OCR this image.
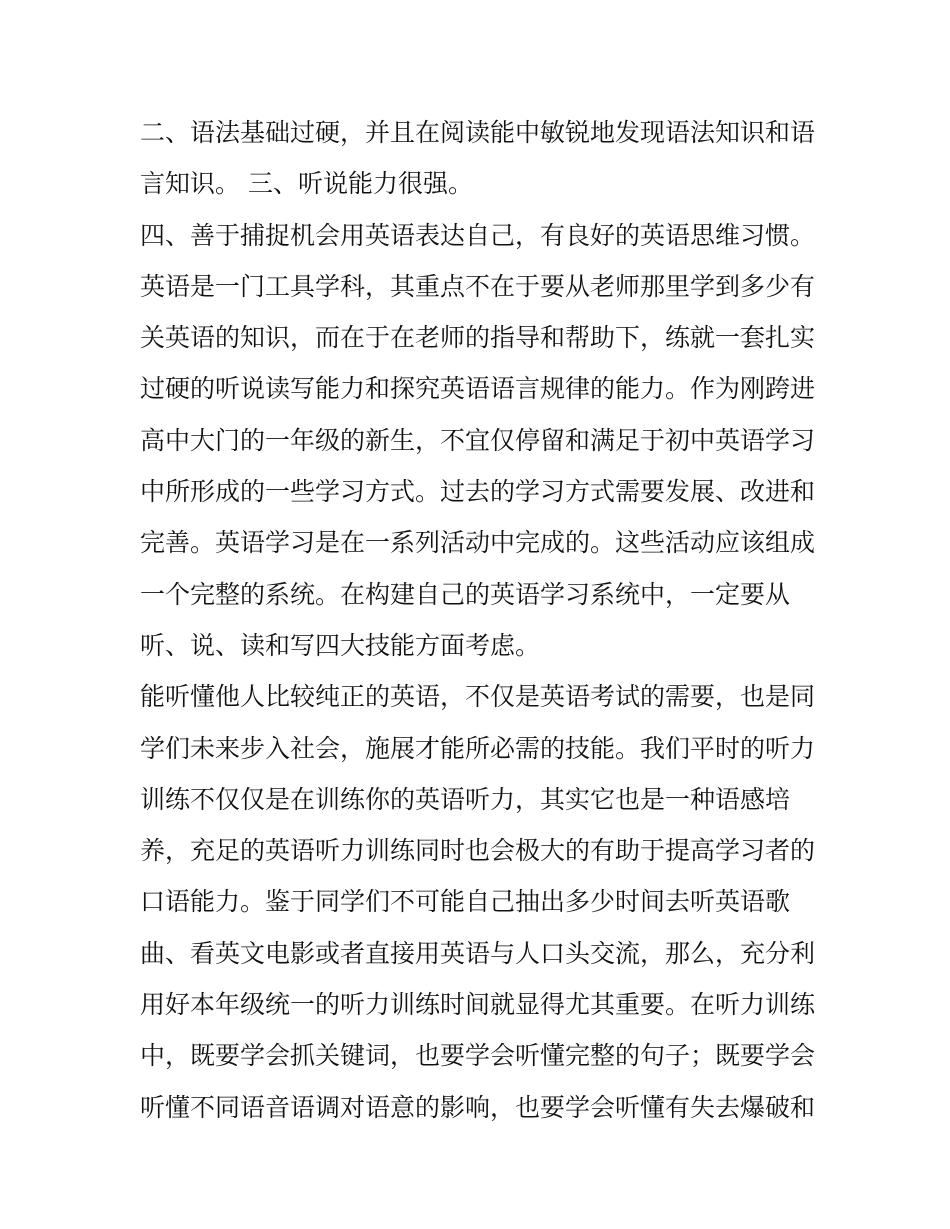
二、语法基础过硬，并且在阅读能中敏锐地发现语法知识和语
言知识。 三、听说能力很强。
四、善于捕捉机会用英语表达自己，有良好的英语思维习惯。
英语是一门工具学科，其重点不在于要从老师那里学到多少有
关英语的知识，而在于在老师的指导和帮助下，练就一套扎实
过硬的听说读写能力和探究英语语言规律的能力。作为刚跨进
高中大门的一年级的新生，不宜仅停留和满足于初中英语学习
中所形成的一些学习方式。过去的学习方式需要发展、改进和
完善。英语学习是在一系列活动中完成的。这些活动应该组成
一个完整的系统。在构建自己的英语学习系统中，一定要从
听、说、读和写四大技能方面考虑。
能听懂他人比较纯正的英语，不仅是英语考试的需要，也是同
学们未来步入社会，施展才能所必需的技能。我们平时的听力
训练不仅仅是在训练你的英语听力，其实它也是一种语感培
养，充足的英语听力训练同时也会极大的有助于提高学习者的
口语能力。鉴于同学们不可能自己抽出多少时间去听英语歌
曲、看英文电影或者直接用英语与人口头交流，那么，充分利
用好本年级统一的听力训练时间就显得尤其重要。在听力训练
中，既要学会抓关键词，也要学会听懂完整的句子；既要学会
听懂不同语音语调对语意的影响，也要学会听懂有失去爆破和
